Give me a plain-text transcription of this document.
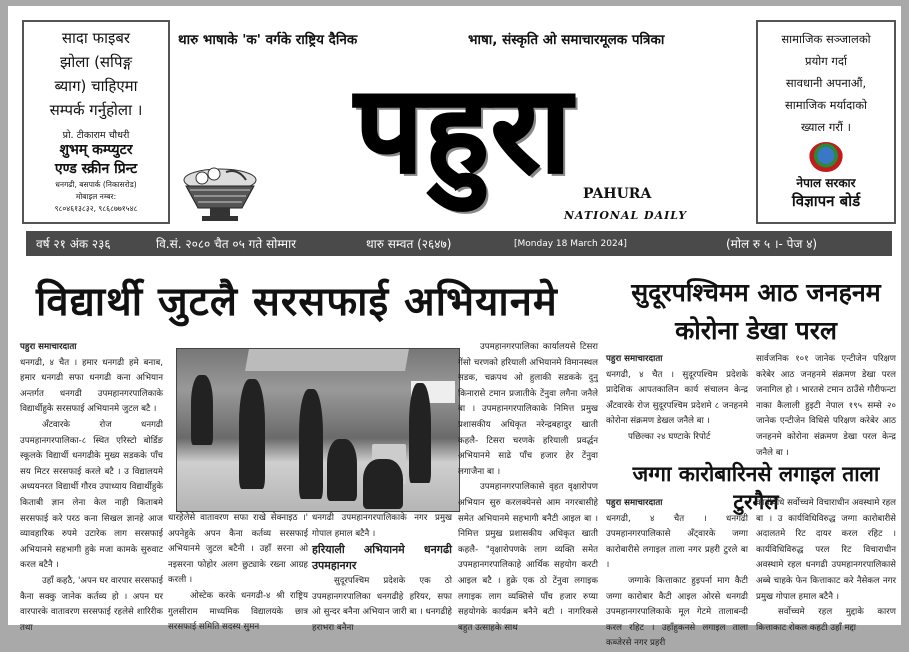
सादा फाइबर
झोला (सपिङ्ग
ब्याग) चाहिएमा
सम्पर्क गर्नुहोला ।
प्रो. टीकाराम चौधरी
शुभम् कम्प्युटर
एण्ड स्क्रीन प्रिन्ट
धनगढी, बसपार्क (निकासरोड)
मोबाइल नम्बर:
९८०४६१३८३२, ९८६८७७१५४८
थारु भाषाके 'क' वर्गके राष्ट्रिय दैनिक	भाषा, संस्कृति ओ समाचारमूलक पत्रिका
पहुरा PAHURA
NATIONAL DAILY
सामाजिक सञ्जालको
प्रयोग गर्दा
सावधानी अपनाऔं,
सामाजिक मर्यादाको
ख्याल गरौं ।
नेपाल सरकार
विज्ञापन बोर्ड
वर्ष २१ अंक २३६	वि.सं. २०८० चैत ०५ गते सोम्मार	थारु सम्वत (२६४७)	[Monday 18 March 2024]	(मोल रु ५ ।- पेज ४)
विद्यार्थी जुटलै सरसफाई अभियानमे
पहुरा समाचारदाता
धनगढी, ४ चैत । हमार धनगढी हमे बनाब, हमार धनगढी सफा धनगढी कना अभियान अन्तर्गत धनगढी उपमहानगरपालिकाके विद्यार्थीहुके सरसफाई अभियानमे जुटल बटै ।
अँटवारके रोज धनगढी उपमहानगरपालिका-८ स्थित एरिस्टो बोर्डिङ स्कूलके विद्यार्थी धनगढीके मुख्य सडकके पाँच सय मिटर सरसफाई करले बटै । उ विद्यालयमे अध्ययनरत विद्यार्थी गौरव उपाध्याय विद्यार्थीहुके किताबी ज्ञान लेना केल नाही किताबमे सरसफाई करे परठ कना सिखल ज्ञानहे आज व्यावहारिक रुपमे उटारेक लाग सरसफाई अभियानमे सहभागी हुके मजा कामके सुरुवाट करल बटैनै ।
उहाँ कहठै, 'अपन घर वारपार सरसफाई कैना सक्कु जानेक कर्तव्य हो । अपन घर वारपारके वातावरण सरसफाई रहलेसे शारिरीक तथा
धारहेलेसे वातावरण सफा राखे सेक्नाइठ ।' अपनेहुके अपन कैना कर्तव्य सरसफाई अभियानमे जुटल बटैनी । उहाँ सरना ओ नइसरना फोहोर अलग छुट्याके रख्ना आग्रह करली ।
ओस्टेक करके धनगढी-४ श्री राष्ट्रिय गुलसीराम माध्यमिक विद्यालयके छात्र सरसफाई समिति सदस्य सुमन
धनगढी उपमहानगरपालिकाके नगर प्रमुख गोपाल हमाल बटैनै ।
हरियाली अभियानमे धनगढी उपमहानगर
सुदूरपश्चिम प्रदेशके एक ठो उपमहानगरपालिका धनगढीहे हरियर, सफा ओ सुन्दर बनैना अभियान जारी बा । धनगढीहे हराभरा बनैना
उपमहानगरपालिका कार्यालयसे टिसरा गेंसो चरणको हरियाली अभियानमे विमानस्थल सडक, चक्रपथ ओ हुलाकी सडकके दुनु किनारासे टमान प्रजातीके टेंनुवा लगैना जनैले बा । उपमहानगरपालिकाके निमित्त प्रमुख प्रशासकीय अधिकृत नरेन्द्रबहादुर खाती कहलै- टिसरा चरणके हरियाली प्रवर्द्धन अभियानमे साढे पाँच हजार हेर टेंनुवा लगाजैना बा ।
उपमहानगरपालिकासे वृहत वृक्षारोपण अभियान सुरु करलक्येनसे आम नगरबासीहे समेत अभियानमे सहभागी बनैटी आइल बा । निमित्त प्रमुख प्रशासकीय अधिकृत खाती कहलै- "वृक्षारोपणके लाग व्यक्ति समेत उपमहानगरपालिकाहे आर्थिक सहयोग करटी आइल बटै । हुक्रे एक ठो टेंनुवा लगाइक लगाइक लाग व्यक्तिसे पाँच हजार रुप्या सहयोगके कार्यक्रम बनैने बटी । नागरिकसे बहुत उत्साहके साथ
सुदूरपश्चिमम आठ जनहनम
कोरोना डेखा परल
पहुरा समाचारदाता
धनगढी, ४ चैत । सुदूरपश्चिम प्रदेशके प्रादेशिक आपतकालिन कार्य संचालन केन्द्र अँटवारके रोज सुदूरपश्चिम प्रदेशमे ८ जनहनमे कोरोना संक्रमण डेखल जनैले बा ।
पछिल्का २४ घण्टाके रिपोर्ट
सार्वजनिक १०१ जानेक एन्टीजेन परिक्षण करेबेर आठ जनहनमे संक्रमण डेखा परल जनागिल हो । भारतसे टमान ठाउँसे गौरीफन्टा नाका कैलाली हुइटी नेपाल १९५ सम्से २० जानेक एन्टीजेन विधिसे परिक्षण करेबेर आठ जनहनमे कोरोना संक्रमण डेखा परल केन्द्र जनैले बा ।
जग्गा कारोबारिनसे लगाइल ताला टुरगैल
पहुरा समाचारदाता
धनगढी, ४ चैत । धनगढी उपमहानगरपालिकासे अँट्वारके जग्गा कारोबारीसे लगाइल ताला नगर प्रहरी टुरले बा ।
जग्गाके कित्ताकाट हुइपर्ना माग कैटी जग्गा कारोबार कैटी आइल ओरसे धनगढी उपमहानगरपालिकाके मूल गेटमे तालाबन्दी करल रहिट । उहाँहुकनसे लगाइल ताला कब्जेरसे नगर प्रहरी
कार्यविधि सर्वोच्चमे विचाराधीन अवस्थामे रहल बा । उ कार्यविधिविरुद्ध जग्गा कारोबारीसे अदालतमे रिट दायर करल रहिट । कार्यविधिविरुद्ध परल रिट विचाराधीन अवस्थामे रहल धनगढी उपमहानगरपालिकासे अब्बे चाहके फेन कित्ताकाट करे नैसेकल नगर प्रमुख गोपाल हमाल बटैनै ।
सर्वोच्चमे रहल मुद्दाके कारण कित्ताकाट रोकल कहटी उहाँ मद्दा
